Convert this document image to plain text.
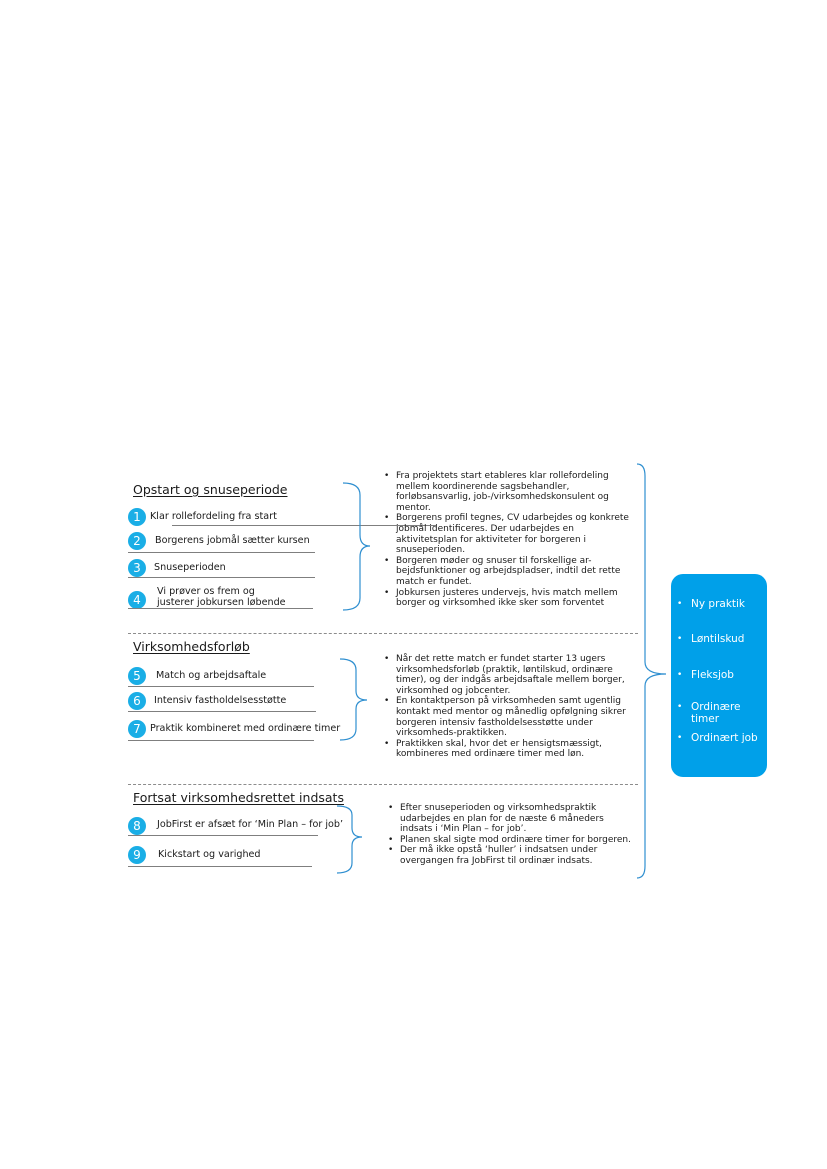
Opstart og snuseperiode
1 Klar rollefordeling fra start
2	Borgerens jobmål sætter kursen
3	Snuseperioden
4
Vi prøver os frem og
justerer jobkursen løbende
• Fra projektets start etableres klar rollefordeling mellem koordinerende sagsbehandler, forløbsansvarlig, job-/virksomhedskonsulent og mentor.
• Borgerens profil tegnes, CV udarbejdes og konkrete jobmål identificeres. Der udarbejdes en aktivitetsplan for aktiviteter for borgeren i snuseperioden.
• Borgeren møder og snuser til forskellige ar-bejdsfunktioner og arbejdspladser, indtil det rette match er fundet.
• Jobkursen justeres undervejs, hvis match mellem borger og virksomhed ikke sker som forventet
Virksomhedsforløb
5	Match og arbejdsaftale
6	Intensiv fastholdelsesstøtte
7 Praktik kombineret med ordinære timer
• Når det rette match er fundet starter 13 ugers virksomhedsforløb (praktik, løntilskud, ordinære timer), og der indgås arbejdsaftale mellem borger, virksomhed og jobcenter.
• En kontaktperson på virksomheden samt ugentlig kontakt med mentor og månedlig opfølgning sikrer borgeren intensiv fastholdelsesstøtte under virksomheds-praktikken.
• Praktikken skal, hvor det er hensigtsmæssigt, kombineres med ordinære timer med løn.
Fortsat virksomhedsrettet indsats
8	JobFirst er afsæt for ‘Min Plan – for job’
9	Kickstart og varighed
• Efter snuseperioden og virksomhedspraktik udarbejdes en plan for de næste 6 måneders indsats i ‘Min Plan – for job’.
• Planen skal sigte mod ordinære timer for borgeren.
• Der må ikke opstå ‘huller’ i indsatsen under overgangen fra JobFirst til ordinær indsats.
• Ny praktik
• Løntilskud
• Fleksjob
• Ordinære
timer
• Ordinært job
